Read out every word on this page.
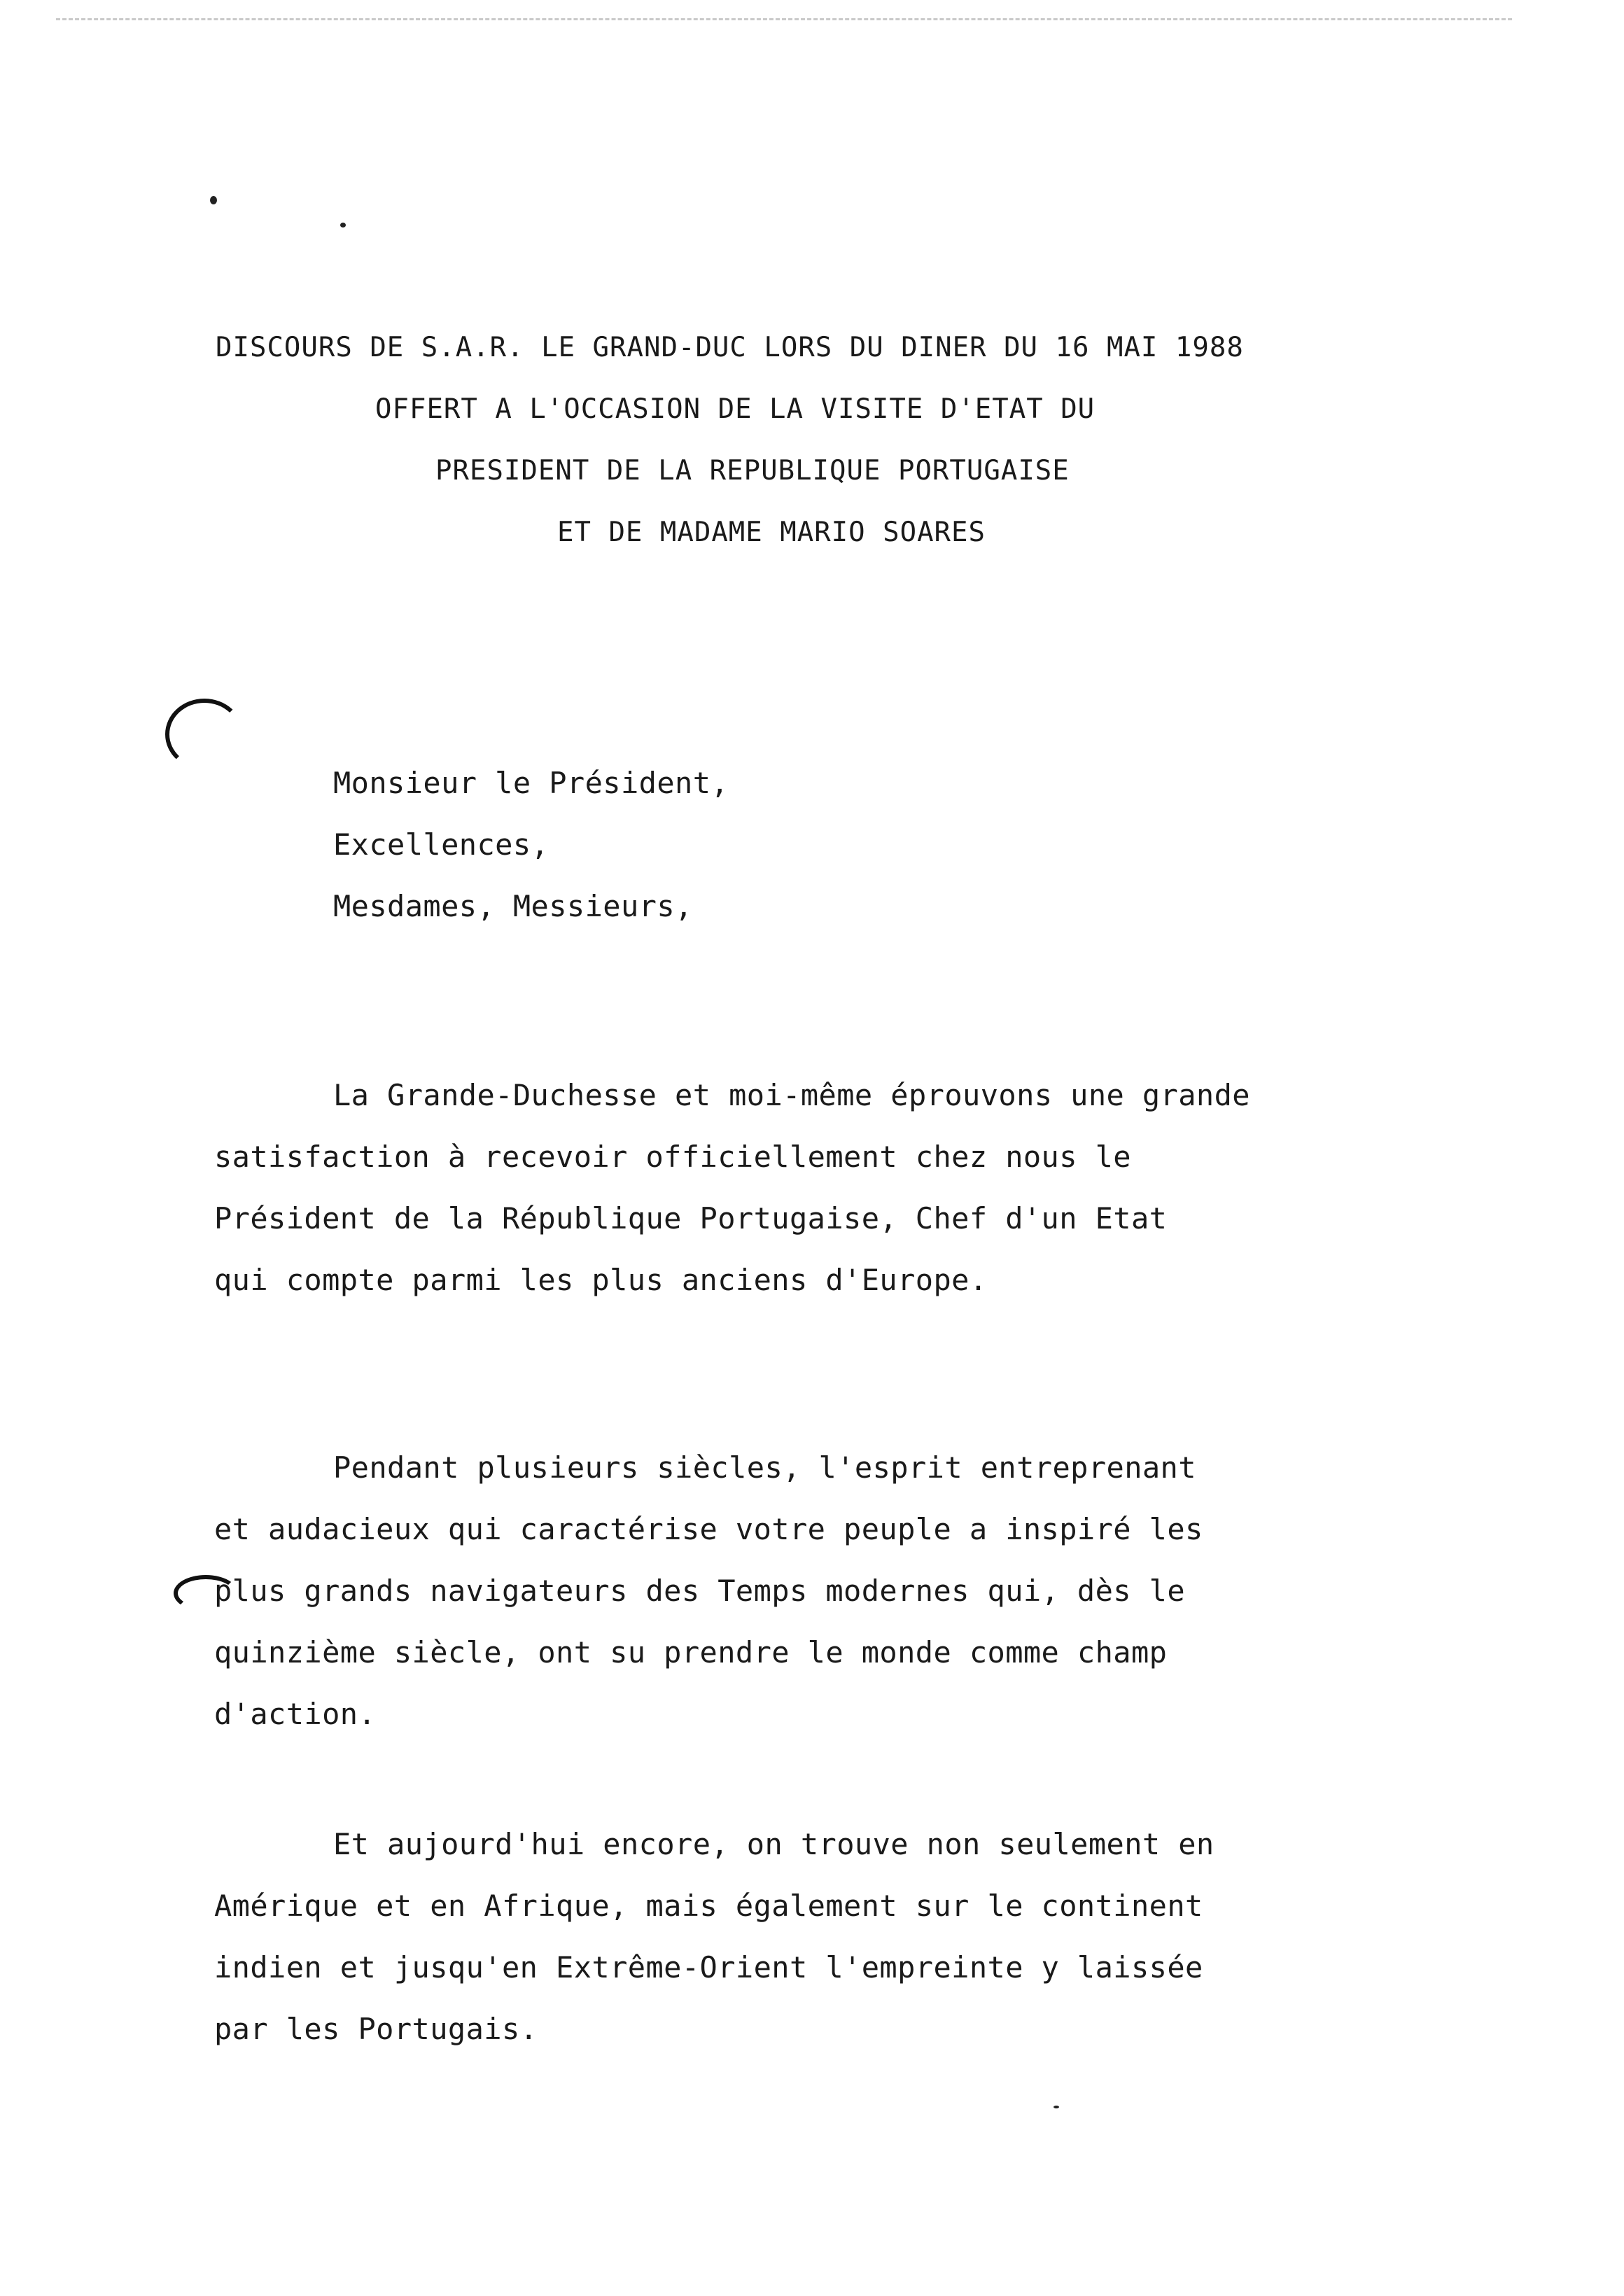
DISCOURS DE S.A.R. LE GRAND-DUC LORS DU DINER DU 16 MAI 1988
OFFERT A L'OCCASION DE LA VISITE D'ETAT DU
PRESIDENT DE LA REPUBLIQUE PORTUGAISE
ET DE MADAME MARIO SOARES
Monsieur le Président,
Excellences,
Mesdames, Messieurs,
La Grande-Duchesse et moi-même éprouvons une grande
satisfaction à recevoir officiellement chez nous le
Président de la République Portugaise, Chef d'un Etat
qui compte parmi les plus anciens d'Europe.
Pendant plusieurs siècles, l'esprit entreprenant
et audacieux qui caractérise votre peuple a inspiré les
plus grands navigateurs des Temps modernes qui, dès le
quinzième siècle, ont su prendre le monde comme champ
d'action.
Et aujourd'hui encore, on trouve non seulement en
Amérique et en Afrique, mais également sur le continent
indien et jusqu'en Extrême-Orient l'empreinte y laissée
par les Portugais.
